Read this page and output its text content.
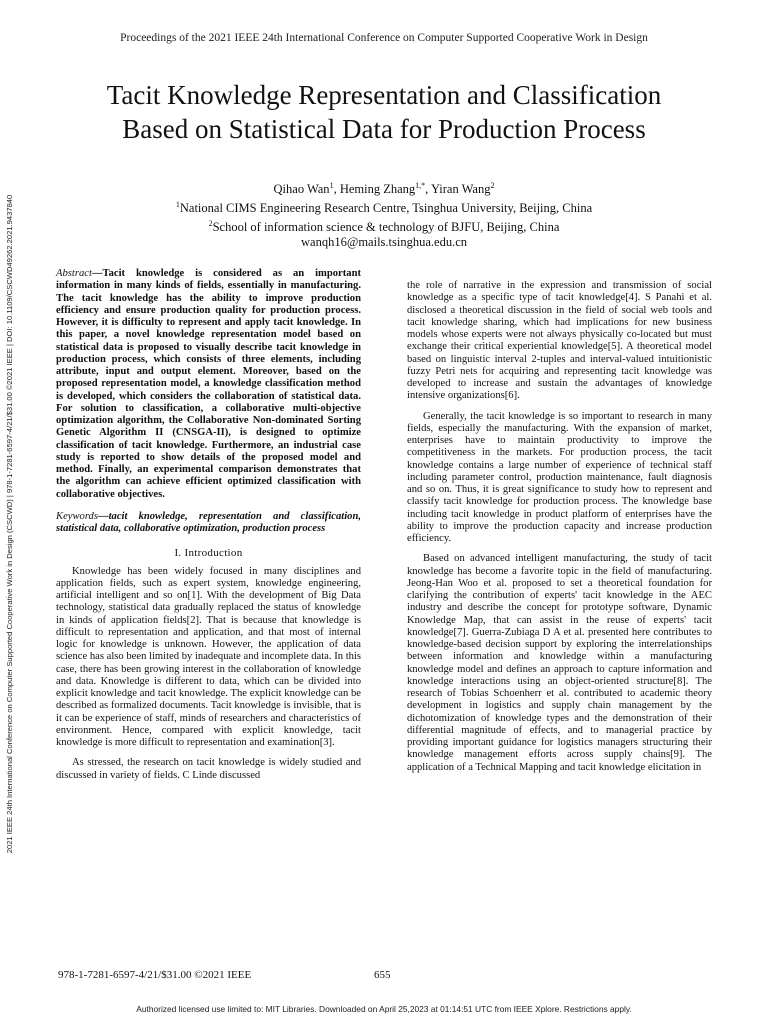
Proceedings of the 2021 IEEE 24th International Conference on Computer Supported Cooperative Work in Design
Tacit Knowledge Representation and Classification
Based on Statistical Data for Production Process
Qihao Wan$^1$, Heming Zhang$^{1,*}$, Yiran Wang$^2$
$^1$National CIMS Engineering Research Centre, Tsinghua University, Beijing, China
$^2$School of information science & technology of BJFU, Beijing, China
wanqh16@mails.tsinghua.edu.cn
2021 IEEE 24th International Conference on Computer Supported Cooperative Work in Design (CSCWD) | 978-1-7281-6597-4/21/$31.00 ©2021 IEEE | DOI: 10.1109/CSCWD49262.2021.9437840	Abstract—Tacit knowledge is considered as an important information in many kinds of fields, essentially in manufacturing. The tacit knowledge has the ability to improve production efficiency and ensure production quality for production process. However, it is difficulty to represent and apply tacit knowledge. In this paper, a novel knowledge representation model based on statistical data is proposed to visually describe tacit knowledge in production process, which consists of three elements, including attribute, input and output element. Moreover, based on the proposed representation model, a knowledge classification method is developed, which considers the collaboration of statistical data. For solution to classification, a collaborative multi-objective optimization algorithm, the Collaborative Non-dominated Sorting Genetic Algorithm II (CNSGA-II), is designed to optimize classification of tacit knowledge. Furthermore, an industrial case study is reported to show details of the proposed model and method. Finally, an experimental comparison demonstrates that the algorithm can achieve efficient optimized classification with collaborative objectives.

Keywords—tacit knowledge, representation and classification, statistical data, collaborative optimization, production process

I. Introduction

Knowledge has been widely focused in many disciplines and application fields, such as expert system, knowledge engineering, artificial intelligent and so on[1]. With the development of Big Data technology, statistical data gradually replaced the status of knowledge in kinds of application fields[2]. That is because that knowledge is difficult to representation and application, and that most of internal logic for knowledge is unknown. However, the application of data science has also been limited by inadequate and incomplete data. In this case, there has been growing interest in the collaboration of knowledge and data. Knowledge is different to data, which can be divided into explicit knowledge and tacit knowledge. The explicit knowledge can be described as formalized documents. Tacit knowledge is invisible, that is it can be experience of staff, minds of researchers and characteristics of environment. Hence, compared with explicit knowledge, tacit knowledge is more difficult to representation and examination[3].

As stressed, the research on tacit knowledge is widely studied and discussed in variety of fields. C Linde discussed

the role of narrative in the expression and transmission of social knowledge as a specific type of tacit knowledge[4]. S Panahi et al. disclosed a theoretical discussion in the field of social web tools and tacit knowledge sharing, which had implications for new business models whose experts were not always physically co-located but must exchange their critical experiential knowledge[5]. A theoretical model based on linguistic interval 2-tuples and interval-valued intuitionistic fuzzy Petri nets for acquiring and representing tacit knowledge was developed to increase and sustain the advantages of knowledge intensive organizations[6].

Generally, the tacit knowledge is so important to research in many fields, especially the manufacturing. With the expansion of market, enterprises have to maintain productivity to improve the competitiveness in the markets. For production process, the tacit knowledge contains a large number of experience of technical staff including parameter control, production maintenance, fault diagnosis and so on. Thus, it is great significance to study how to represent and classify tacit knowledge for production process. The knowledge base including tacit knowledge in product platform of enterprises have the ability to improve the production capacity and increase production efficiency.

Based on advanced intelligent manufacturing, the study of tacit knowledge has become a favorite topic in the field of manufacturing. Jeong-Han Woo et al. proposed to set a theoretical foundation for clarifying the contribution of experts' tacit knowledge in the AEC industry and describe the concept for prototype software, Dynamic Knowledge Map, that can assist in the reuse of experts' tacit knowledge[7]. Guerra-Zubiaga D A et al. presented here contributes to knowledge-based decision support by exploring the interrelationships between information and knowledge within a manufacturing knowledge model and defines an approach to capture information and knowledge interactions using an object-oriented structure[8]. The research of Tobias Schoenherr et al. contributed to academic theory development in logistics and supply chain management by the dichotomization of knowledge types and the demonstration of their differential magnitude of effects, and to managerial practice by providing important guidance for logistics managers structuring their knowledge management efforts across supply chains[9]. The application of a Technical Mapping and tacit knowledge elicitation in

978-1-7281-6597-4/21/$31.00 ©2021 IEEE	655
Authorized licensed use limited to: MIT Libraries. Downloaded on April 25,2023 at 01:14:51 UTC from IEEE Xplore. Restrictions apply.
